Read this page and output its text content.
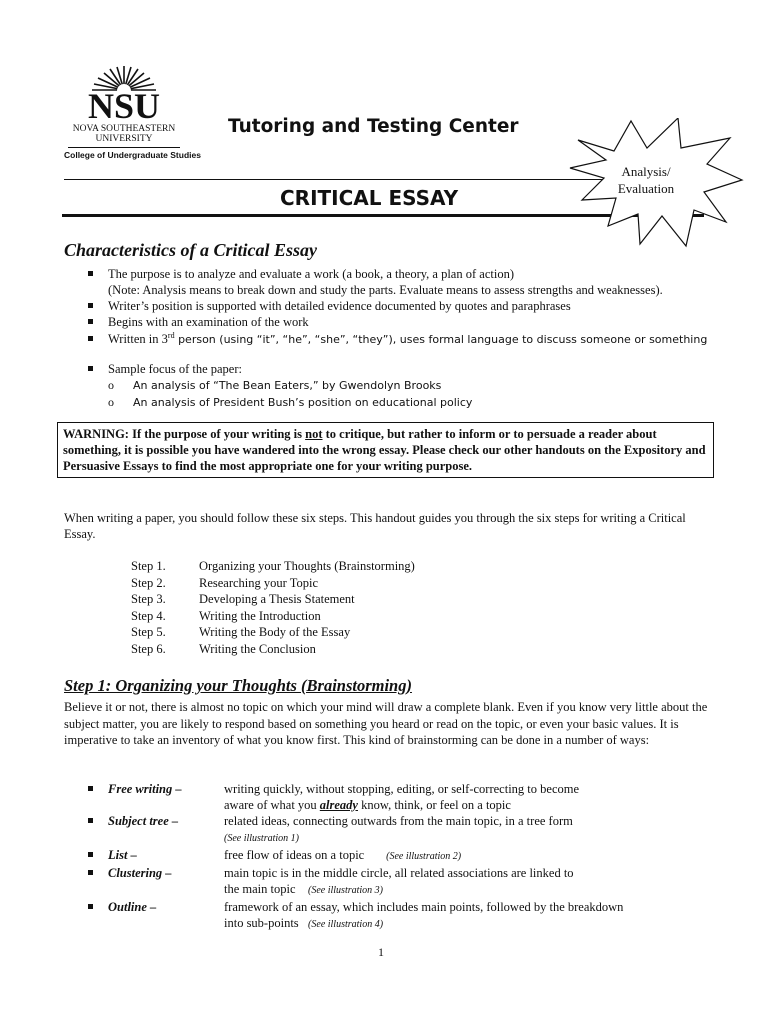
NSU
NOVA SOUTHEASTERN
UNIVERSITY
College of Undergraduate Studies
Tutoring and Testing Center
CRITICAL ESSAY
Analysis/
Evaluation
Characteristics of a Critical Essay
The purpose is to analyze and evaluate a work (a book, a theory, a plan of action)
(Note: Analysis means to break down and study the parts. Evaluate means to assess strengths and weaknesses).
Writer’s position is supported with detailed evidence documented by quotes and paraphrases
Begins with an examination of the work
Written in 3rd person (using “it”, “he”, “she”, “they”), uses formal language to discuss someone or something
Sample focus of the paper:
o An analysis of “The Bean Eaters,” by Gwendolyn Brooks
o An analysis of President Bush’s position on educational policy
WARNING: If the purpose of your writing is not to critique, but rather to inform or to persuade a reader about something, it is possible you have wandered into the wrong essay. Please check our other handouts on the Expository and Persuasive Essays to find the most appropriate one for your writing purpose.
When writing a paper, you should follow these six steps. This handout guides you through the six steps for writing a Critical Essay.
Step 1.	Organizing your Thoughts (Brainstorming)
Step 2.	Researching your Topic
Step 3.	Developing a Thesis Statement
Step 4.	Writing the Introduction
Step 5.	Writing the Body of the Essay
Step 6.	Writing the Conclusion
Step 1: Organizing your Thoughts (Brainstorming)
Believe it or not, there is almost no topic on which your mind will draw a complete blank. Even if you know very little about the subject matter, you are likely to respond based on something you heard or read on the topic, or even your basic values. It is imperative to take an inventory of what you know first. This kind of brainstorming can be done in a number of ways:
Free writing –	writing quickly, without stopping, editing, or self-correcting to become
aware of what you already know, think, or feel on a topic
Subject tree –	related ideas, connecting outwards from the main topic, in a tree form
(See illustration 1)
List –	free flow of ideas on a topic (See illustration 2)
Clustering –	main topic is in the middle circle, all related associations are linked to
the main topic (See illustration 3)
Outline –	framework of an essay, which includes main points, followed by the breakdown
into sub-points (See illustration 4)
1
